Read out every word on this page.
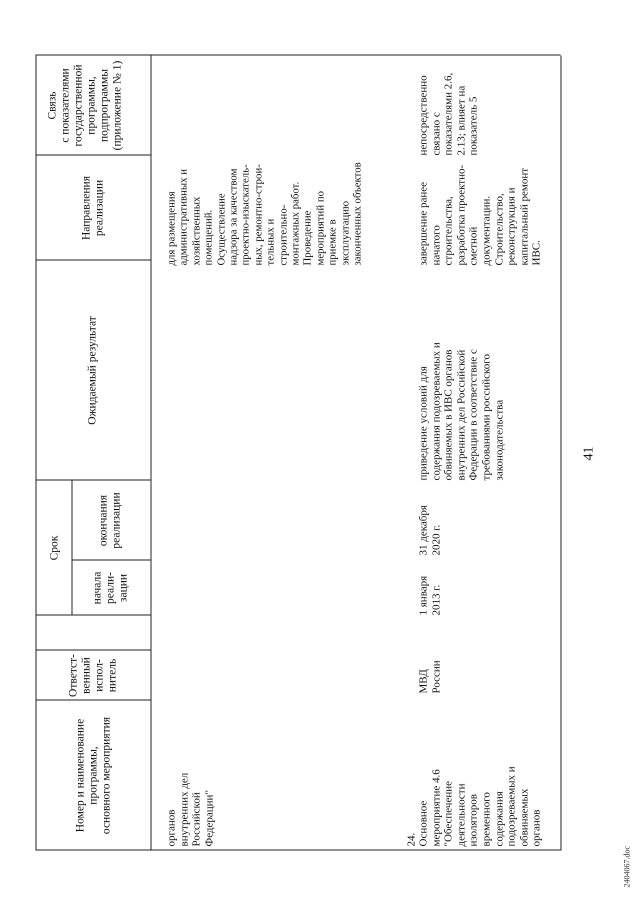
41
Номер и наименование
программы,
основного мероприятия
Ответст-
венный
испол-
нитель
Срок
начала
реали-
зации
окончания
реализации
Ожидаемый результат
Направления
реализации
Связь
с показателями
государственной
программы,
подпрограммы
(приложение № 1)
органов
внутренних дел
Российской
Федерации"
для размещения
административных и
хозяйственных
помещений.
Осуществление
надзора за качеством
проектно-изыскатель-
ных, ремонтно-строи-
тельных и
строительно-
монтажных работ.
Проведение
мероприятий по
приемке в
эксплуатацию
законченных объектов
24. Основное
мероприятие 4.6
"Обеспечение
деятельности
изоляторов
временного
содержания
подозреваемых и
обвиняемых
органов
МВД
России
1 января
2013 г.
31 декабря
2020 г.
приведение условий для
содержания подозреваемых и
обвиняемых в ИВС органов
внутренних дел Российской
Федерации в соответствие с
требованиями российского
законодательства
завершение ранее
начатого
строительства,
разработка проектно-
сметной
документации.
Строительство,
реконструкция и
капитальный ремонт
ИВС.
непосредственно
связано с
показателями 2.6,
2.13; влияет на
показатель 5
2404067.doc
